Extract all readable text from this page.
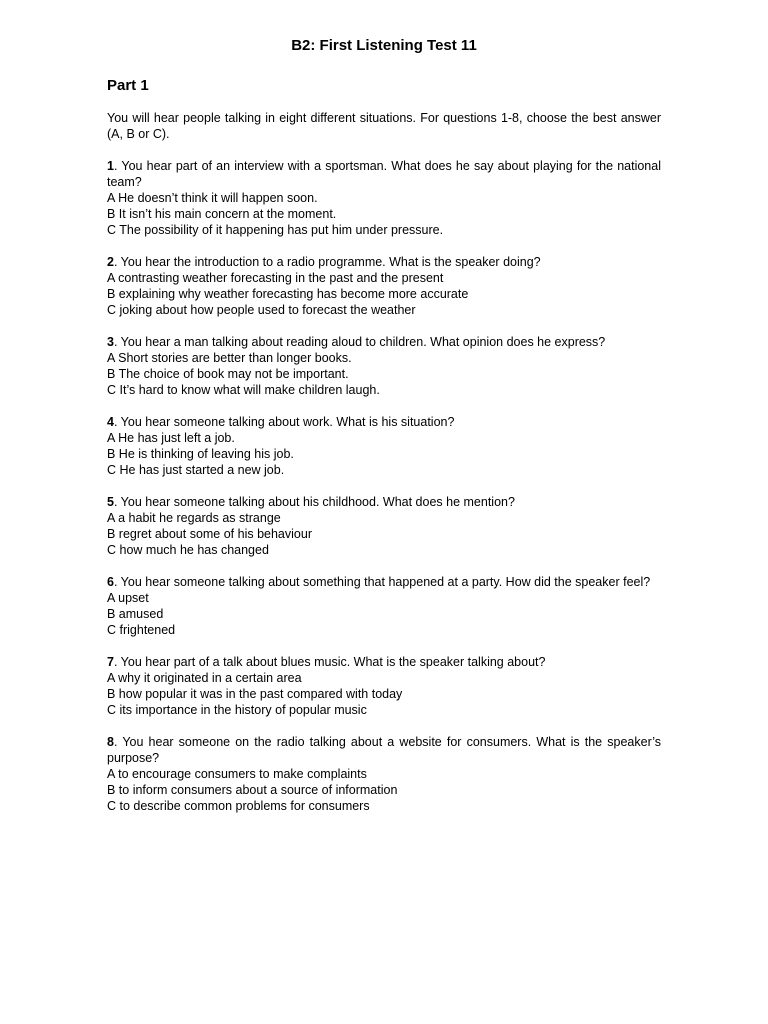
B2: First Listening Test 11
Part 1
You will hear people talking in eight different situations. For questions 1-8, choose the best answer (A, B or C).
1. You hear part of an interview with a sportsman. What does he say about playing for the national team?
A He doesn’t think it will happen soon.
B It isn’t his main concern at the moment.
C The possibility of it happening has put him under pressure.
2. You hear the introduction to a radio programme. What is the speaker doing?
A contrasting weather forecasting in the past and the present
B explaining why weather forecasting has become more accurate
C joking about how people used to forecast the weather
3. You hear a man talking about reading aloud to children. What opinion does he express?
A Short stories are better than longer books.
B The choice of book may not be important.
C It’s hard to know what will make children laugh.
4. You hear someone talking about work. What is his situation?
A He has just left a job.
B He is thinking of leaving his job.
C He has just started a new job.
5. You hear someone talking about his childhood. What does he mention?
A a habit he regards as strange
B regret about some of his behaviour
C how much he has changed
6. You hear someone talking about something that happened at a party. How did the speaker feel?
A upset
B amused
C frightened
7. You hear part of a talk about blues music. What is the speaker talking about?
A why it originated in a certain area
B how popular it was in the past compared with today
C its importance in the history of popular music
8. You hear someone on the radio talking about a website for consumers. What is the speaker’s purpose?
A to encourage consumers to make complaints
B to inform consumers about a source of information
C to describe common problems for consumers
